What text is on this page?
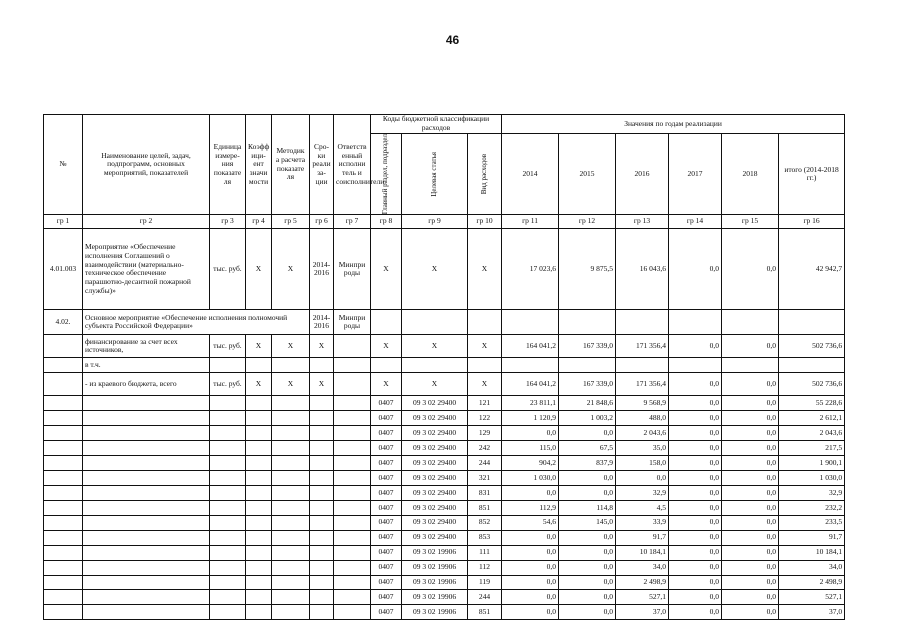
46
№	Наименование целей, задач, подпрограмм, основных мероприятий, показателей	Единица измере-ния показате ля	Коэфф ици-ент значи мости	Методик а расчета показате ля	Сро-ки реали за-ции	Ответств енный исполни тель и соисполнители	Коды бюджетной классификации расходов			Значения по годам реализации					

							Главный раздел, подраздел	Целевая статья	Вид расходов	2014	2015	2016	2017	2018	итого (2014-2018 гг.)
гр 1	гр 2	гр 3	гр 4	гр 5	гр 6	гр 7	гр 8	гр 9	гр 10	гр 11	гр 12	гр 13	гр 14	гр 15	гр 16
4.01.003	Мероприятие «Обеспечение исполнения Соглашений о взаимодействии (материально-техническое обеспечение парашютно-десантной пожарной службы)»	тыс. руб.	Х	Х	2014-2016	Минпри роды	Х	Х	Х	17 023,6	9 875,5	16 043,6	0,0	0,0	42 942,7
4.02.	Основное мероприятие «Обеспечение исполнения полномочий субъекта Российской Федерации»				2014-2016	Минпри роды									
	финансирование за счет всех источников,	тыс. руб.	Х	Х	Х		Х	Х	Х	164 041,2	167 339,0	171 356,4	0,0	0,0	502 736,6
	в т.ч.														
	- из краевого бюджета, всего	тыс. руб.	Х	Х	Х		Х	Х	Х	164 041,2	167 339,0	171 356,4	0,0	0,0	502 736,6
							0407	09 3 02 29400	121	23 811,1	21 848,6	9 568,9	0,0	0,0	55 228,6
							0407	09 3 02 29400	122	1 120,9	1 003,2	488,0	0,0	0,0	2 612,1
							0407	09 3 02 29400	129	0,0	0,0	2 043,6	0,0	0,0	2 043,6
							0407	09 3 02 29400	242	115,0	67,5	35,0	0,0	0,0	217,5
							0407	09 3 02 29400	244	904,2	837,9	158,0	0,0	0,0	1 900,1
							0407	09 3 02 29400	321	1 030,0	0,0	0,0	0,0	0,0	1 030,0
							0407	09 3 02 29400	831	0,0	0,0	32,9	0,0	0,0	32,9
							0407	09 3 02 29400	851	112,9	114,8	4,5	0,0	0,0	232,2
							0407	09 3 02 29400	852	54,6	145,0	33,9	0,0	0,0	233,5
							0407	09 3 02 29400	853	0,0	0,0	91,7	0,0	0,0	91,7
							0407	09 3 02 19906	111	0,0	0,0	10 184,1	0,0	0,0	10 184,1
							0407	09 3 02 19906	112	0,0	0,0	34,0	0,0	0,0	34,0
							0407	09 3 02 19906	119	0,0	0,0	2 498,9	0,0	0,0	2 498,9
							0407	09 3 02 19906	244	0,0	0,0	527,1	0,0	0,0	527,1
							0407	09 3 02 19906	851	0,0	0,0	37,0	0,0	0,0	37,0
